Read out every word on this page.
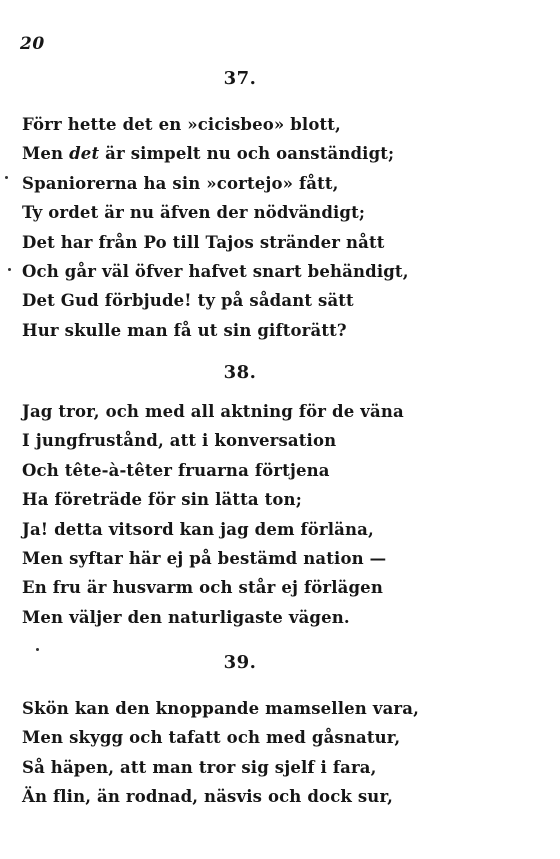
20
37.
Förr hette det en »cicisbeo» blott,
Men det är simpelt nu och oanständigt;
Spaniorerna ha sin »cortejo» fått,
Ty ordet är nu äfven der nödvändigt;
Det har från Po till Tajos stränder nått
Och går väl öfver hafvet snart behändigt,
Det Gud förbjude! ty på sådant sätt
Hur skulle man få ut sin giftorätt?
38.
Jag tror, och med all aktning för de väna
I jungfrustånd, att i konversation
Och tête-à-têter fruarna förtjena
Ha företräde för sin lätta ton;
Ja! detta vitsord kan jag dem förläna,
Men syftar här ej på bestämd nation —
En fru är husvarm och står ej förlägen
Men väljer den naturligaste vägen.
39.
Skön kan den knoppande mamsellen vara,
Men skygg och tafatt och med gåsnatur,
Så häpen, att man tror sig sjelf i fara,
Än flin, än rodnad, näsvis och dock sur,
